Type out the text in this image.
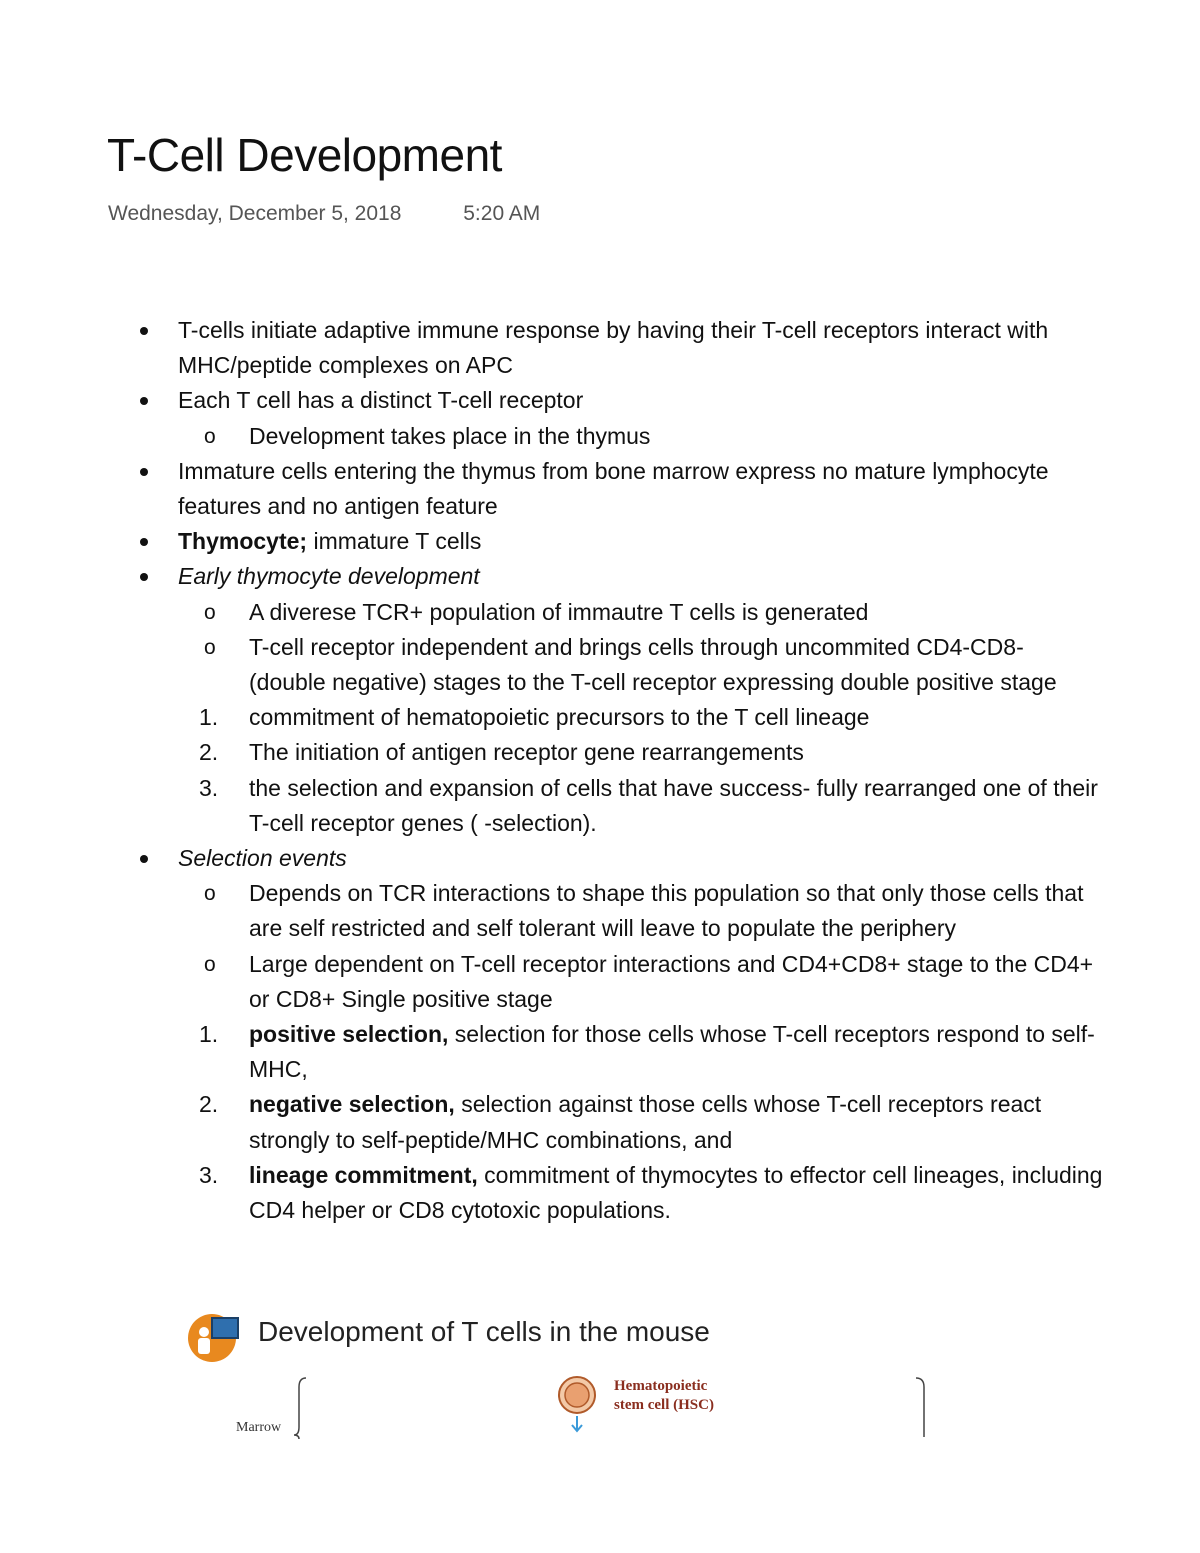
T-Cell Development
Wednesday, December 5, 2018	5:20 AM
T-cells initiate adaptive immune response by having their T-cell receptors interact with MHC/peptide complexes on APC
Each T cell has a distinct T-cell receptor
o Development takes place in the thymus
Immature cells entering the thymus from bone marrow express no mature lymphocyte features and no antigen feature
Thymocyte; immature T cells
Early thymocyte development
o A diverese TCR+ population of immautre T cells is generated
o T-cell receptor independent and brings cells through uncommited CD4-CD8- (double negative) stages to the T-cell receptor expressing double positive stage
1. commitment of hematopoietic precursors to the T cell lineage
2. The initiation of antigen receptor gene rearrangements
3. the selection and expansion of cells that have success- fully rearranged one of their T-cell receptor genes ( -selection).
Selection events
o Depends on TCR interactions to shape this population so that only those cells that are self restricted and self tolerant will leave to populate the periphery
o Large dependent on T-cell receptor interactions and CD4+CD8+ stage to the CD4+ or CD8+ Single positive stage
1. positive selection, selection for those cells whose T-cell receptors respond to self-MHC,
2. negative selection, selection against those cells whose T-cell receptors react strongly to self-peptide/MHC combinations, and
3. lineage commitment, commitment of thymocytes to effector cell lineages, including CD4 helper or CD8 cytotoxic populations.
Development of T cells in the mouse
Marrow
Hematopoietic
stem cell (HSC)
